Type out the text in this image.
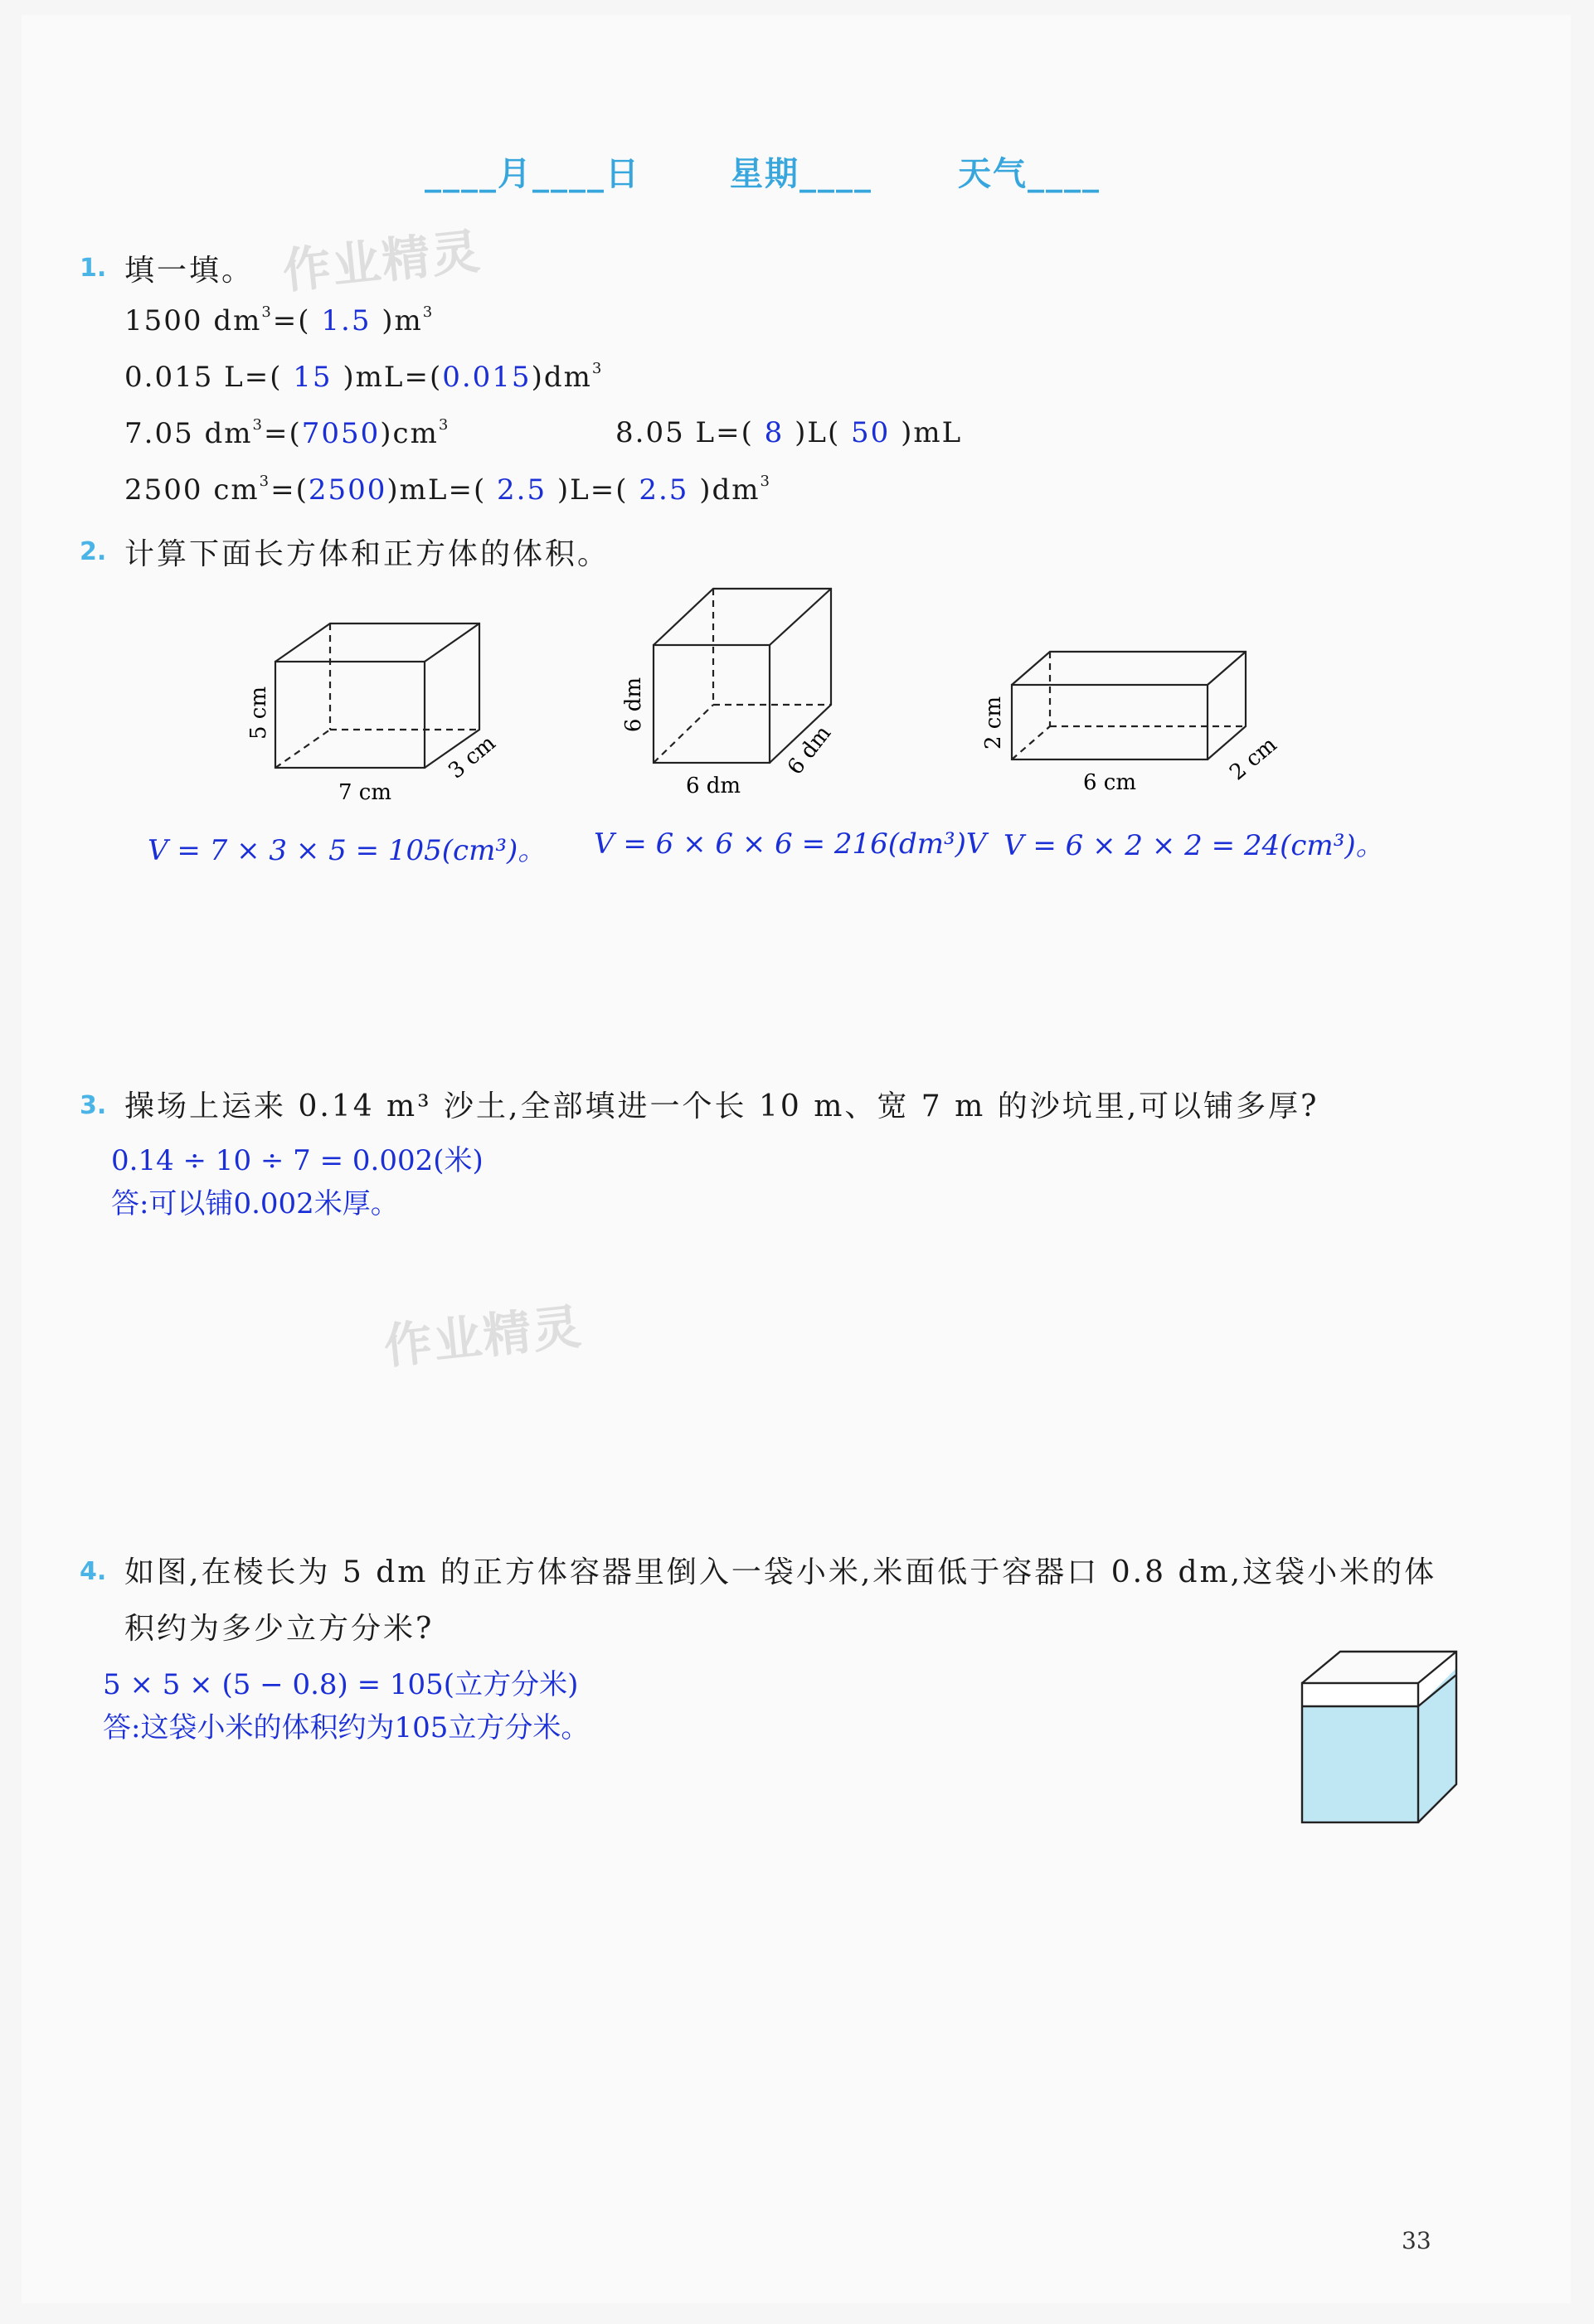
____月____日	星期____	天气____
作业精灵
作业精灵
1. 填一填。
1500 $dm^3=$( 1.5 )$m^3$
0.015 L=( 15 )$mL=(0.015)dm^3$
7.05 $dm^3=(7050)cm^3$	8.05 L=( 8 )L( 50 )mL
2500 $cm^3=(2500)mL=$( 2.5 )L=( 2.5 )$dm^3$
2. 计算下面长方体和正方体的体积。
5 cm
7 cm
3 cm
6 dm
6 dm
6 dm	2 cm
6 cm	2 cm
V = 7 × 3 × 5 = 105(cm³)。 V = 6 × 6 × 6 = 216(dm³)V V = 6 × 2 × 2 = 24(cm³)。
3. 操场上运来 0.14 m³ 沙土,全部填进一个长 10 m、宽 7 m 的沙坑里,可以铺多厚?
0.14 ÷ 10 ÷ 7 = 0.002(米)
答:可以铺0.002米厚。
4. 如图,在棱长为 5 dm 的正方体容器里倒入一袋小米,米面低于容器口 0.8 dm,这袋小米的体
积约为多少立方分米?
5 × 5 × (5 − 0.8) = 105(立方分米)
答:这袋小米的体积约为105立方分米。
33
